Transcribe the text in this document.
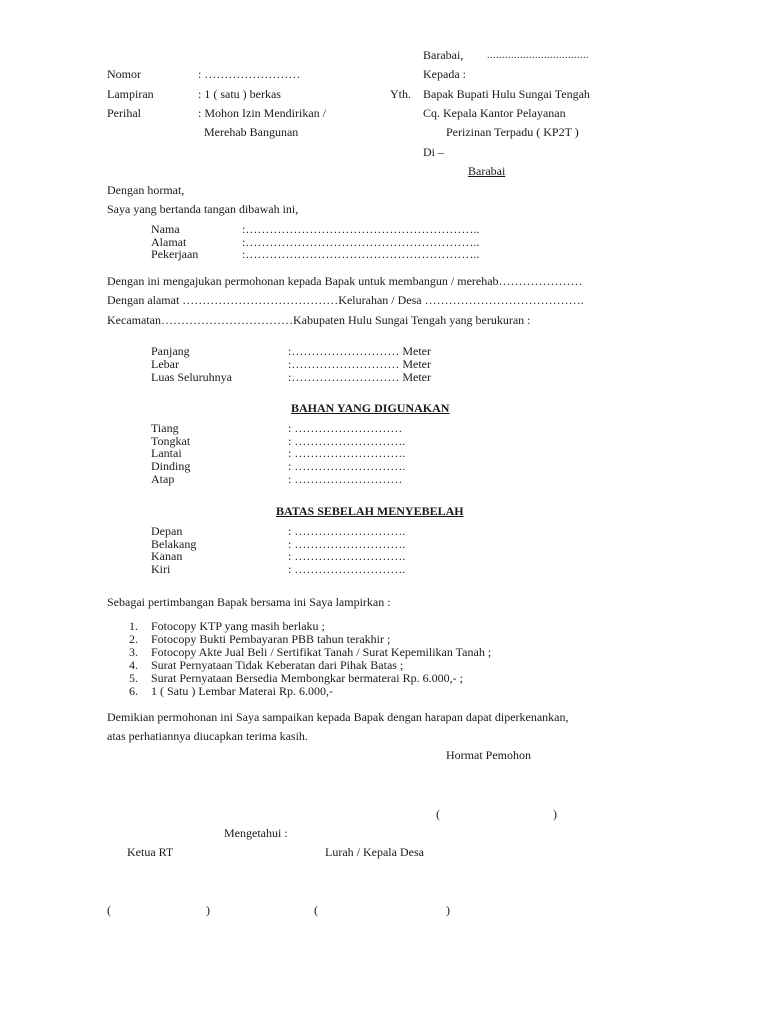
Barabai, ..................................
Nomor	: ……………………	Kepada :
Lampiran	: 1 ( satu ) berkas	Yth. Bapak Bupati Hulu Sungai Tengah
Perihal	: Mohon Izin Mendirikan /	Cq. Kepala Kantor Pelayanan
Merehab Bangunan	Perizinan Terpadu ( KP2T )
Di –
Barabai
Dengan hormat,
Saya yang bertanda tangan dibawah ini,
Nama	:…………………………………………………..
Alamat	:…………………………………………………..
Pekerjaan	:…………………………………………………..
Dengan ini mengajukan permohonan kepada Bapak untuk membangun / merehab…………………
Dengan alamat …………………………………Kelurahan / Desa ………………………………….
Kecamatan……………………………Kabupaten Hulu Sungai Tengah yang berukuran :
Panjang	:……………………… Meter
Lebar	:……………………… Meter
Luas Seluruhnya	:……………………… Meter
BAHAN YANG DIGUNAKAN
Tiang	: ………………………
Tongkat	: ……………………….
Lantai	: ……………………….
Dinding	: ……………………….
Atap	: ………………………
BATAS SEBELAH MENYEBELAH
Depan	: ……………………….
Belakang	: ……………………….
Kanan	: ……………………….
Kiri	: ……………………….
Sebagai pertimbangan Bapak bersama ini Saya lampirkan :
1. Fotocopy KTP yang masih berlaku ;
2. Fotocopy Bukti Pembayaran PBB tahun terakhir ;
3. Fotocopy Akte Jual Beli / Sertifikat Tanah / Surat Kepemilikan Tanah ;
4. Surat Pernyataan Tidak Keberatan dari Pihak Batas ;
5. Surat Pernyataan Bersedia Membongkar bermaterai Rp. 6.000,- ;
6. 1 ( Satu ) Lembar Materai Rp. 6.000,-
Demikian permohonan ini Saya sampaikan kepada Bapak dengan harapan dapat diperkenankan,
atas perhatiannya diucapkan terima kasih.
Hormat Pemohon
(	)
Mengetahui :
Ketua RT	Lurah / Kepala Desa
(	)	(	)
